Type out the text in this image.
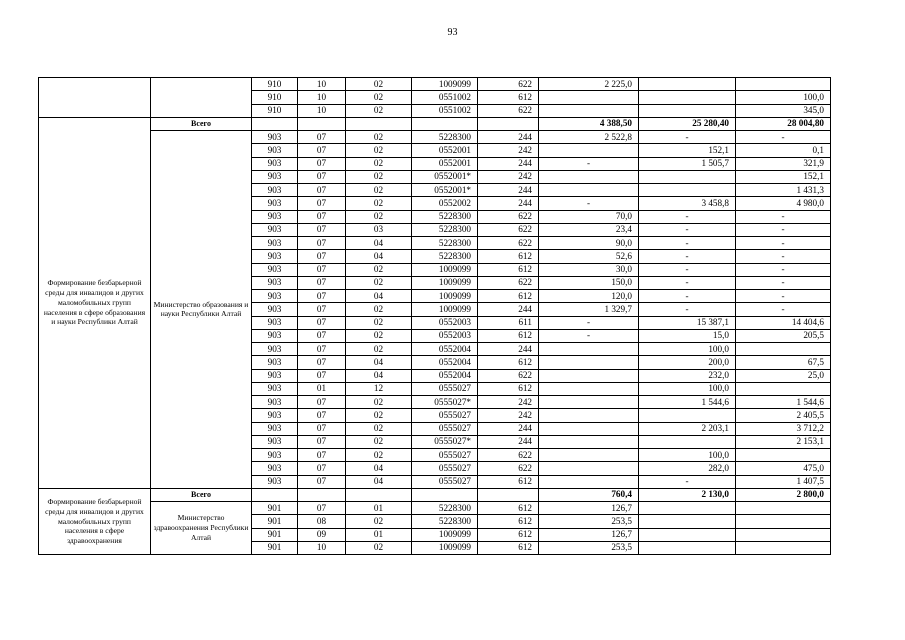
93
		910	10	02	1009099	622	2 225,0		
		910	10	02	0551002	612			100,0
		910	10	02	0551002	622			345,0
Формирование безбарьерной среды для инвалидов и других маломобильных групп населения в сфере образования и науки Республики Алтай	Всего						4 388,50	25 280,40	28 004,80
	Министерство образования и науки Республики Алтай	903	07	02	5228300	244	2 522,8	-	-
		903	07	02	0552001	242		152,1	0,1
		903	07	02	0552001	244	-	1 505,7	321,9
		903	07	02	0552001*	242			152,1
		903	07	02	0552001*	244			1 431,3
		903	07	02	0552002	244	-	3 458,8	4 980,0
		903	07	02	5228300	622	70,0	-	-
		903	07	03	5228300	622	23,4	-	-
		903	07	04	5228300	622	90,0	-	-
		903	07	04	5228300	612	52,6	-	-
		903	07	02	1009099	612	30,0	-	-
		903	07	02	1009099	622	150,0	-	-
		903	07	04	1009099	612	120,0	-	-
		903	07	02	1009099	244	1 329,7	-	-
		903	07	02	0552003	611	-	15 387,1	14 404,6
		903	07	02	0552003	612	-	15,0	205,5
		903	07	02	0552004	244		100,0	
		903	07	04	0552004	612		200,0	67,5
		903	07	04	0552004	622		232,0	25,0
		903	01	12	0555027	612		100,0	
		903	07	02	0555027*	242		1 544,6	1 544,6
		903	07	02	0555027	242			2 405,5
		903	07	02	0555027	244		2 203,1	3 712,2
		903	07	02	0555027*	244			2 153,1
		903	07	02	0555027	622		100,0	
		903	07	04	0555027	622		282,0	475,0
		903	07	04	0555027	612		-	1 407,5
Формирование безбарьерной среды для инвалидов и других маломобильных групп населения в сфере здравоохранения	Всего						760,4	2 130,0	2 800,0
	Министерство здравоохранения Республики Алтай	901	07	01	5228300	612	126,7		
		901	08	02	5228300	612	253,5		
		901	09	01	1009099	612	126,7		
		901	10	02	1009099	612	253,5		
